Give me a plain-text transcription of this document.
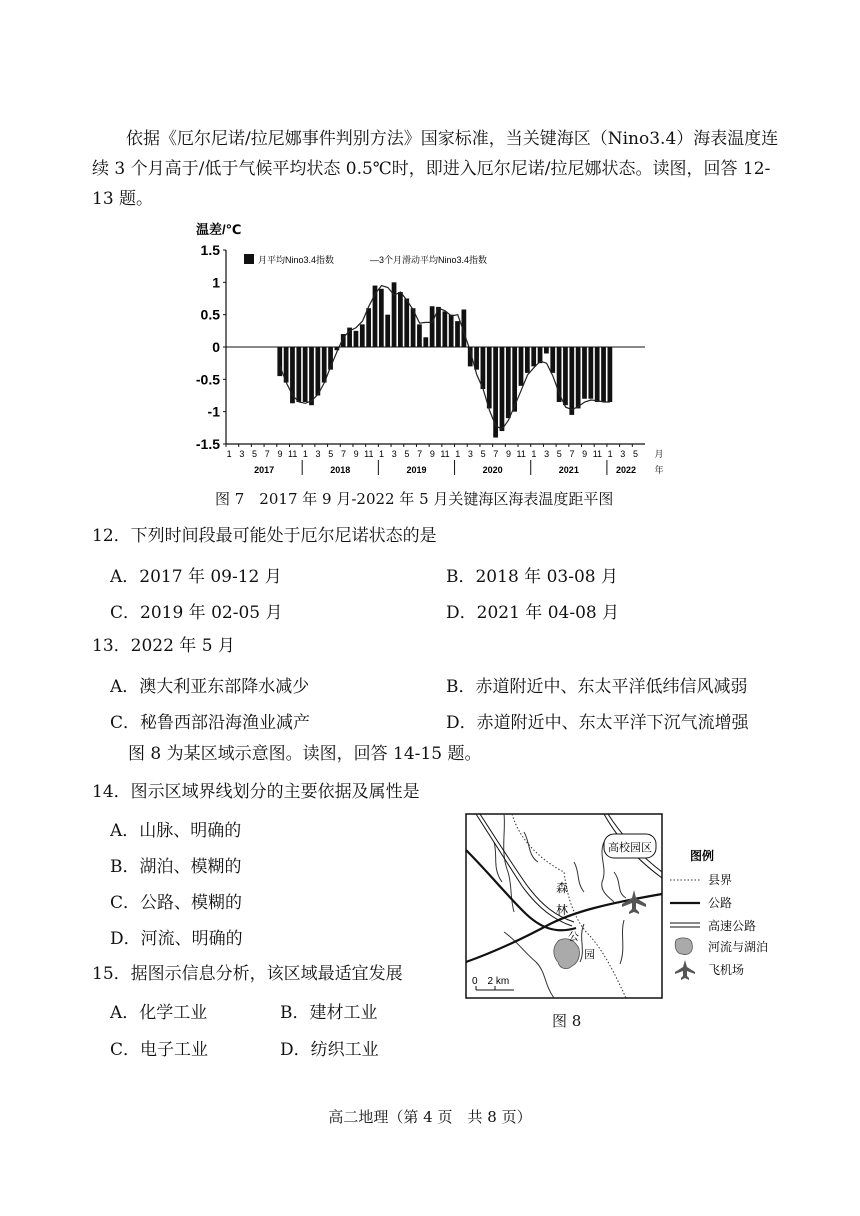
依据《厄尔尼诺/拉尼娜事件判别方法》国家标准，当关键海区（Nino3.4）海表温度连续 3 个月高于/低于气候平均状态 0.5℃时，即进入厄尔尼诺/拉尼娜状态。读图，回答 12-13 题。
温差/℃
1.5
1
0.5
0
-0.5
-1
-1.5
1 3 5 7 9 11 1 3 5 7 9 11 1 3 5 7 9 11 1 3 5 7 9 11 1 3 5 7 9 11 1 3 5 月
2017	2018	2019	2020	2021	2022 年
月平均Nino3.4指数	—3个月滑动平均Nino3.4指数
图 7　2017 年 9 月-2022 年 5 月关键海区海表温度距平图
12．下列时间段最可能处于厄尔尼诺状态的是
A．2017 年 09-12 月	B．2018 年 03-08 月
C．2019 年 02-05 月	D．2021 年 04-08 月
13．2022 年 5 月
A．澳大利亚东部降水减少	B．赤道附近中、东太平洋低纬信风减弱
C．秘鲁西部沿海渔业减产	D．赤道附近中、东太平洋下沉气流增强
图 8 为某区域示意图。读图，回答 14-15 题。
14．图示区域界线划分的主要依据及属性是
A．山脉、明确的
B．湖泊、模糊的
C．公路、模糊的
D．河流、明确的
15．据图示信息分析，该区域最适宜发展
A．化学工业	B．建材工业
C．电子工业	D．纺织工业
高校园区
森
林
公
园
0　2 km
图例
县界
公路
高速公路
河流与湖泊
飞机场
图 8
高二地理（第 4 页　共 8 页）
